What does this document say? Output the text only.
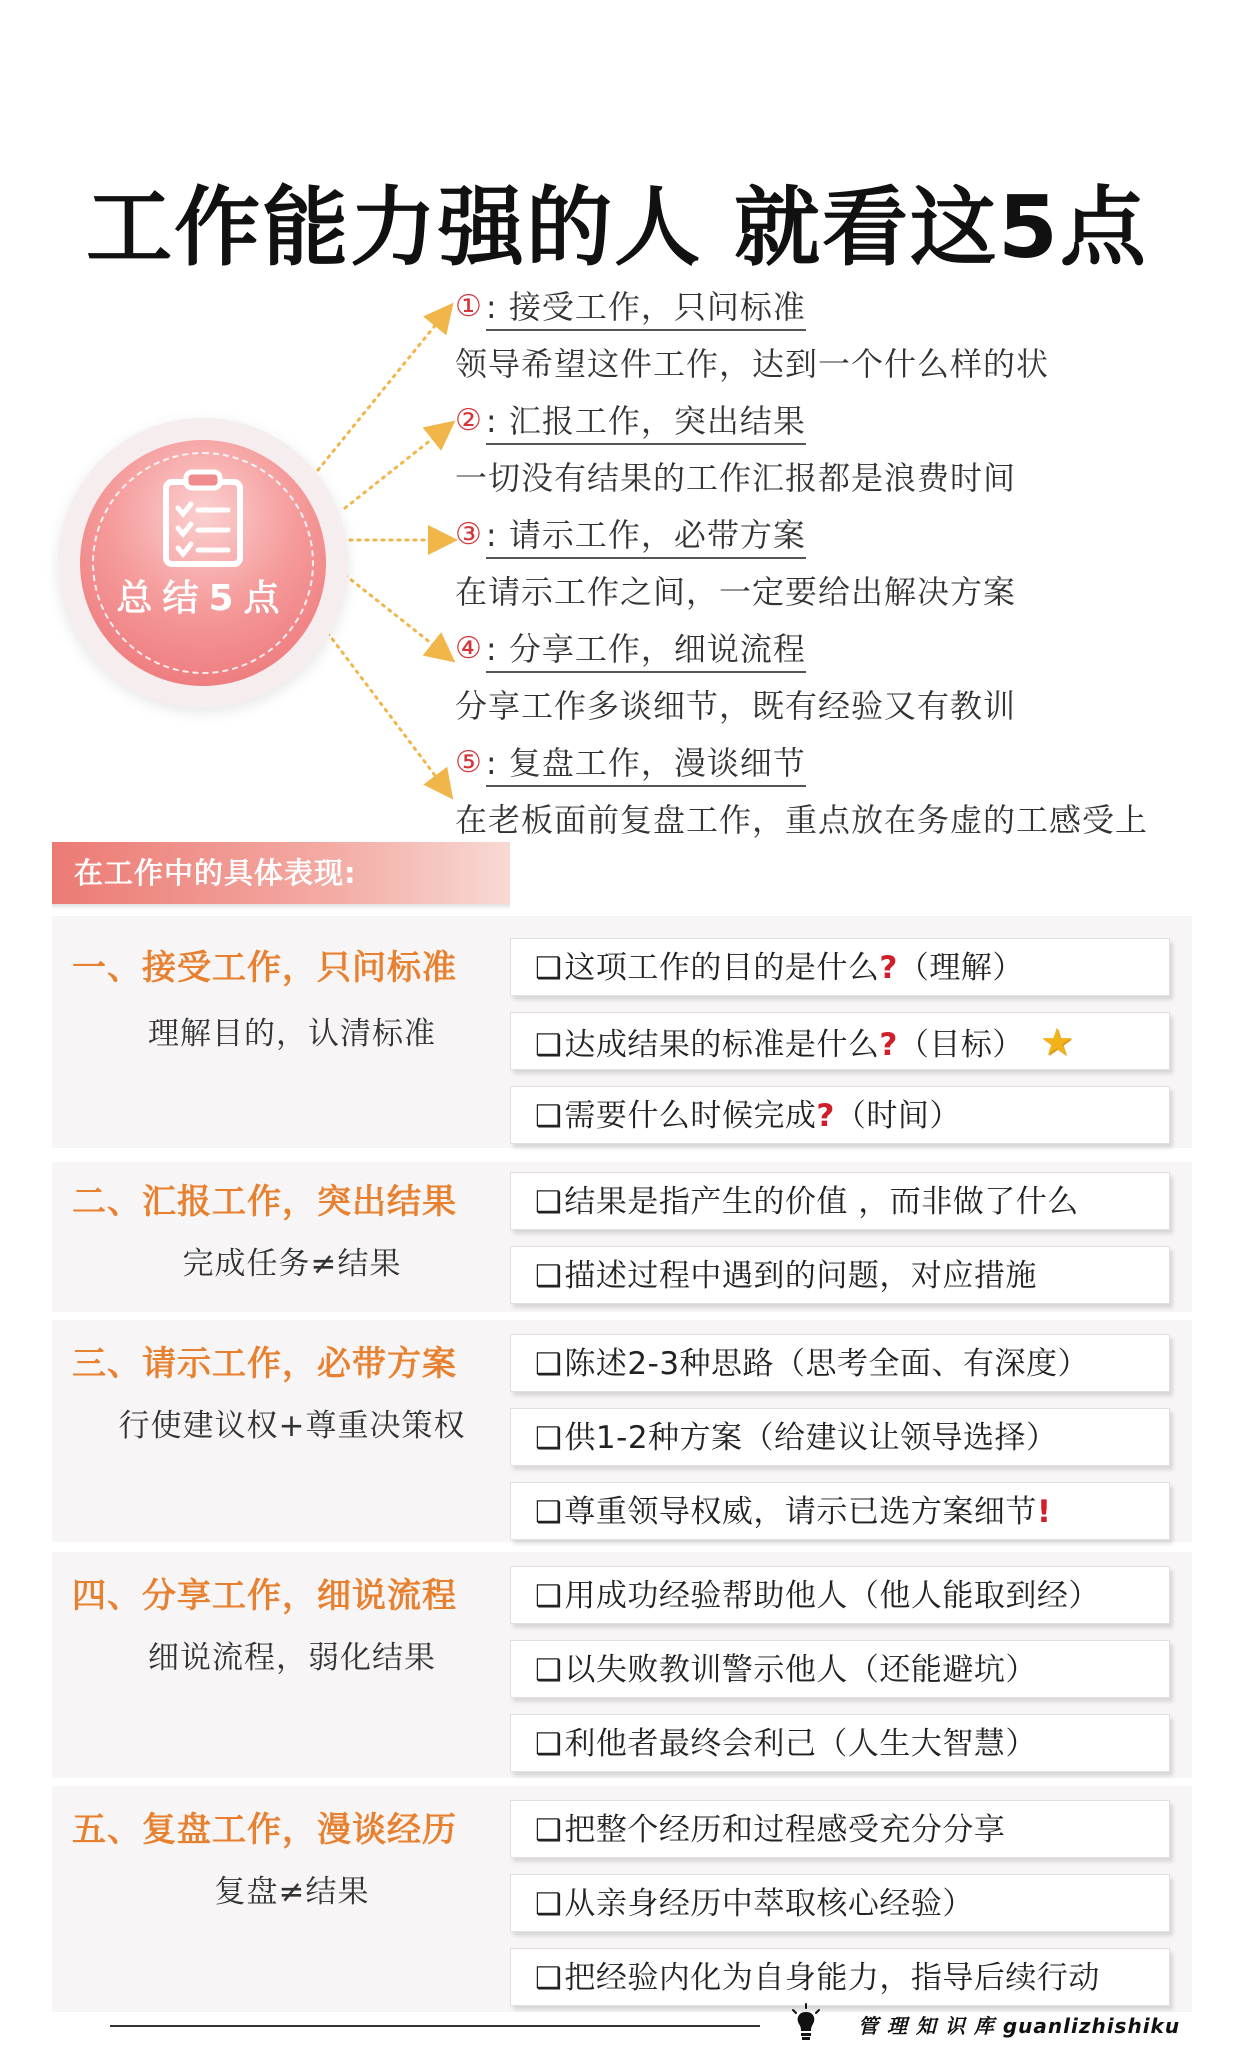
工作能力强的人 就看这5点
总结5点
① : 接受工作，只问标准
领导希望这件工作，达到一个什么样的状
② : 汇报工作，突出结果
一切没有结果的工作汇报都是浪费时间
③ : 请示工作，必带方案
在请示工作之间，一定要给出解决方案
④ : 分享工作，细说流程
分享工作多谈细节，既有经验又有教训
⑤ : 复盘工作，漫谈细节
在老板面前复盘工作，重点放在务虚的工感受上
在工作中的具体表现:
一、接受工作，只问标准
理解目的，认清标准
❑这项工作的目的是什么?（理解）
❑达成结果的标准是什么?（目标） ★
❑需要什么时候完成?（时间）
二、汇报工作，突出结果
完成任务≠结果
❑结果是指产生的价值 ，而非做了什么
❑描述过程中遇到的问题，对应措施
三、请示工作，必带方案
行使建议权+尊重决策权
❑陈述2-3种思路（思考全面、有深度）
❑供1-2种方案（给建议让领导选择）
❑尊重领导权威，请示已选方案细节!
四、分享工作，细说流程
细说流程，弱化结果
❑用成功经验帮助他人（他人能取到经）
❑以失败教训警示他人（还能避坑）
❑利他者最终会利己（人生大智慧）
五、复盘工作，漫谈经历
复盘≠结果
❑把整个经历和过程感受充分分享
❑从亲身经历中萃取核心经验）
❑把经验内化为自身能力，指导后续行动
管 理 知 识 库 guanlizhishiku
